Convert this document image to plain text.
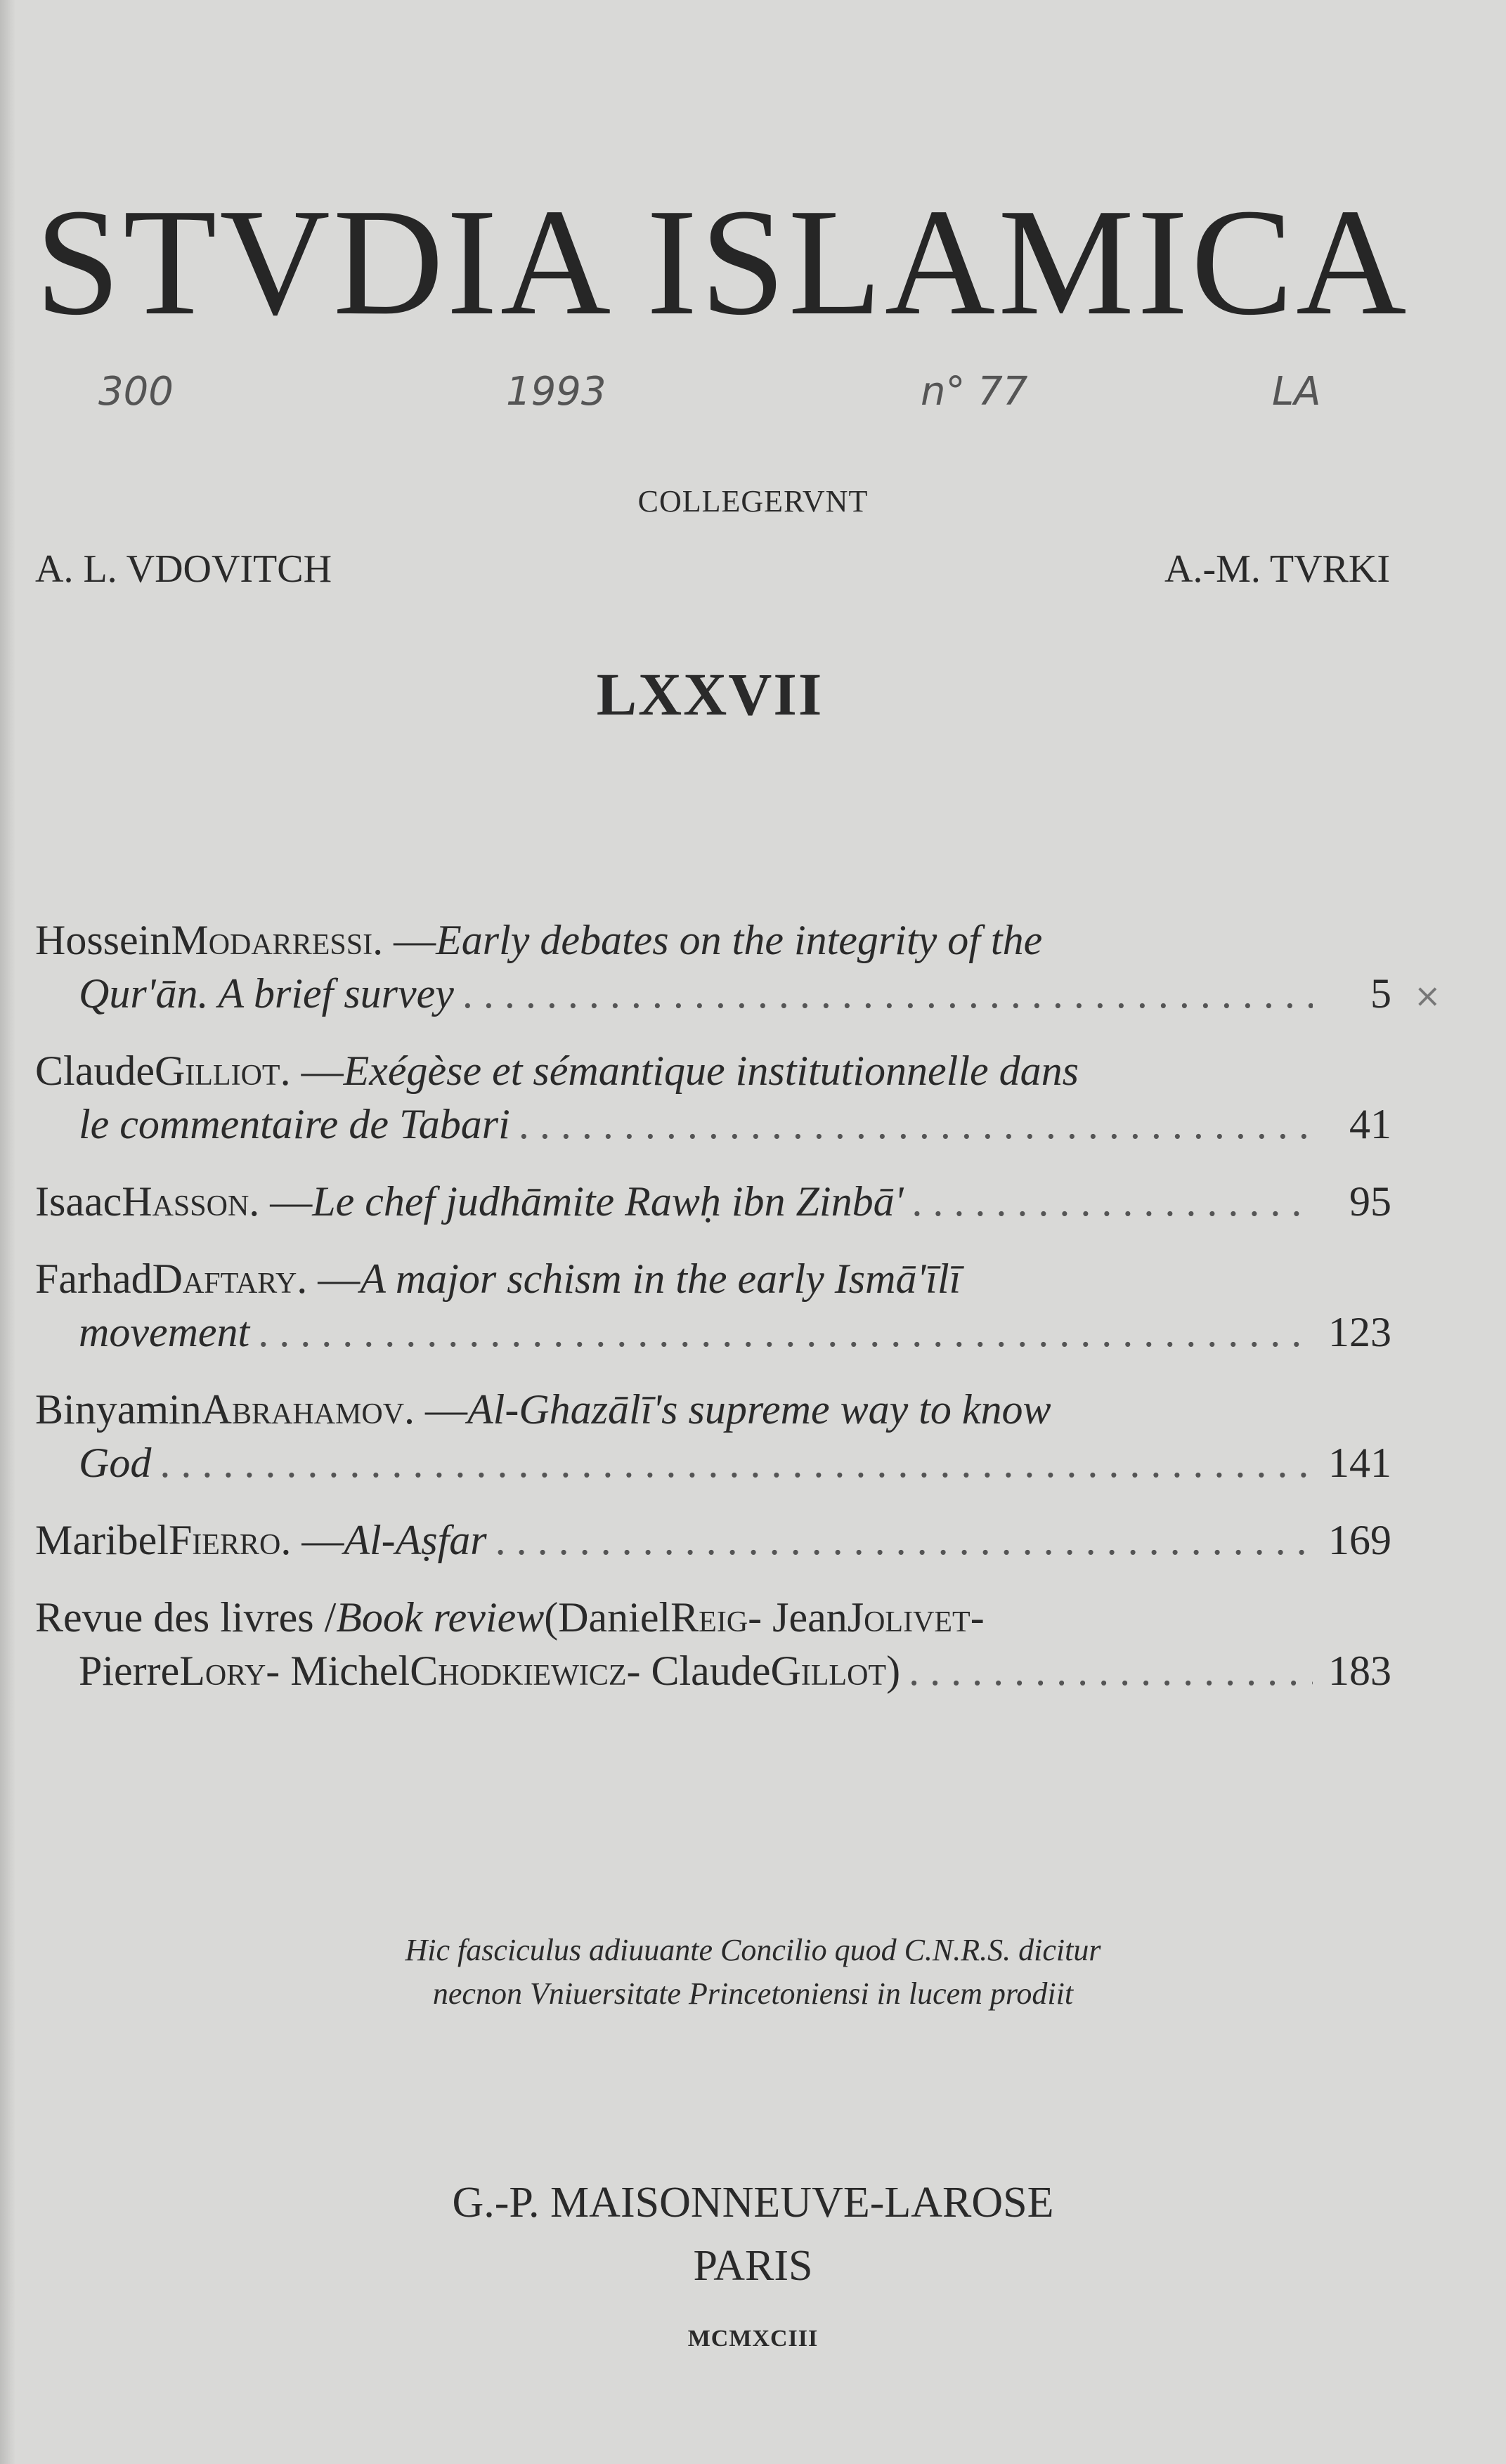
STVDIA ISLAMICA
300	1993	n° 77	LA
COLLEGERVNT
A. L. VDOVITCH	A.-M. TVRKI
LXXVII
Hossein Modarressi . — Early debates on the integrity of the
Qur'ān. A brief survey . . .	5
Claude Gilliot . — Exégèse et sémantique institutionnelle dans
le commentaire de Tabari . . .	41
Isaac Hasson . — Le chef judhāmite Rawḥ ibn Zinbā' . . .	95
Farhad Daftary . — A major schism in the early Ismā'īlī
movement . . .	123
Binyamin Abrahamov . — Al-Ghazālī's supreme way to know
God . . .	141
Maribel Fierro . — Al-Aṣfar . . .	169
Revue des livres / Book review (Daniel Reig - Jean Jolivet -
Pierre Lory - Michel Chodkiewicz - Claude Gillot ) . . .	183
×
Hic fasciculus adiuuante Concilio quod C.N.R.S. dicitur
necnon Vniuersitate Princetoniensi in lucem prodiit
G.-P. MAISONNEUVE-LAROSE
PARIS
MCMXCIII
